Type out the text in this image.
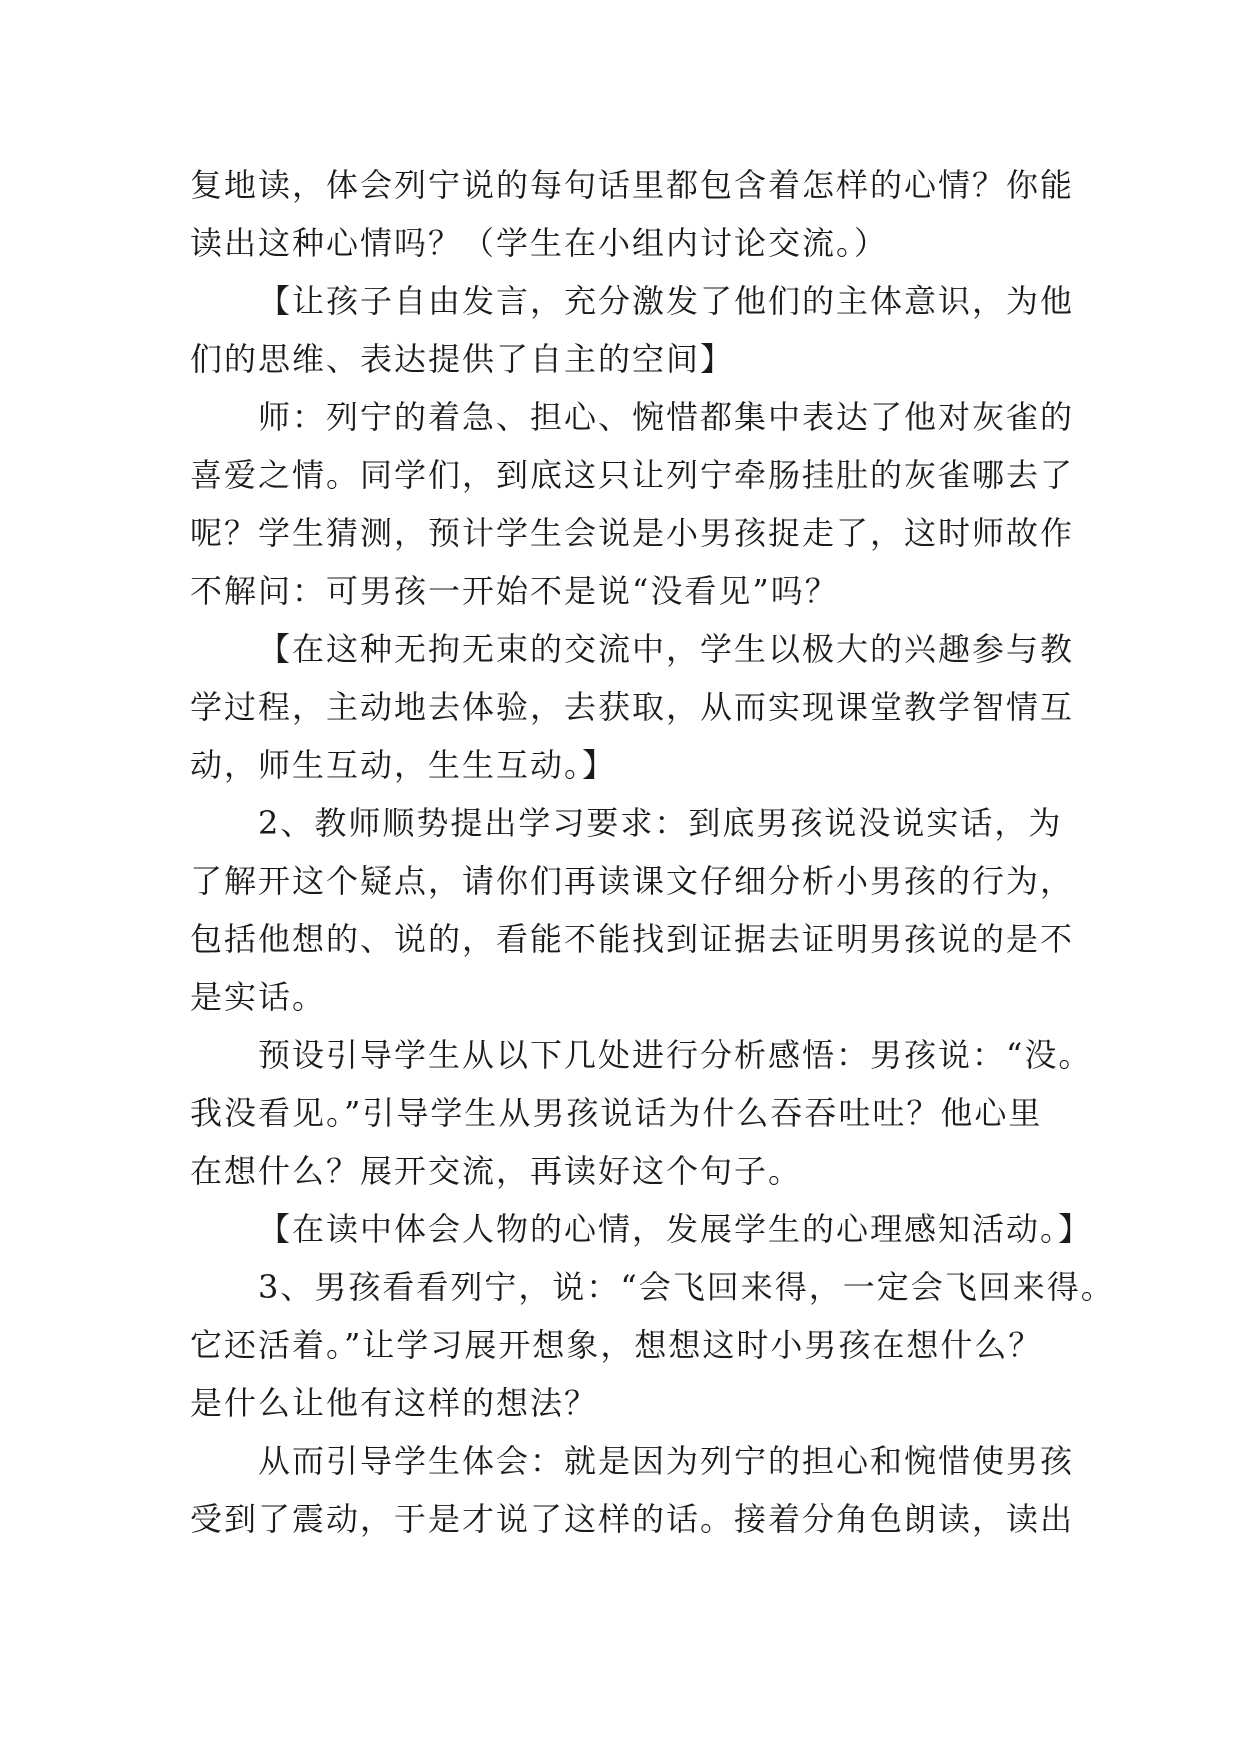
复地读，体会列宁说的每句话里都包含着怎样的心情？你能
读出这种心情吗？（学生在小组内讨论交流。）
【让孩子自由发言，充分激发了他们的主体意识，为他
们的思维、表达提供了自主的空间】
师：列宁的着急、担心、惋惜都集中表达了他对灰雀的
喜爱之情。同学们，到底这只让列宁牵肠挂肚的灰雀哪去了
呢？学生猜测，预计学生会说是小男孩捉走了，这时师故作
不解问：可男孩一开始不是说“没看见”吗？
【在这种无拘无束的交流中，学生以极大的兴趣参与教
学过程，主动地去体验，去获取，从而实现课堂教学智情互
动，师生互动，生生互动。】
2、教师顺势提出学习要求：到底男孩说没说实话，为
了解开这个疑点，请你们再读课文仔细分析小男孩的行为，
包括他想的、说的，看能不能找到证据去证明男孩说的是不
是实话。
预设引导学生从以下几处进行分析感悟：男孩说：“没。
我没看见。”引导学生从男孩说话为什么吞吞吐吐？他心里
在想什么？展开交流，再读好这个句子。
【在读中体会人物的心情，发展学生的心理感知活动。】
3、男孩看看列宁，说：“会飞回来得，一定会飞回来得。
它还活着。”让学习展开想象，想想这时小男孩在想什么？
是什么让他有这样的想法？
从而引导学生体会：就是因为列宁的担心和惋惜使男孩
受到了震动，于是才说了这样的话。接着分角色朗读，读出
